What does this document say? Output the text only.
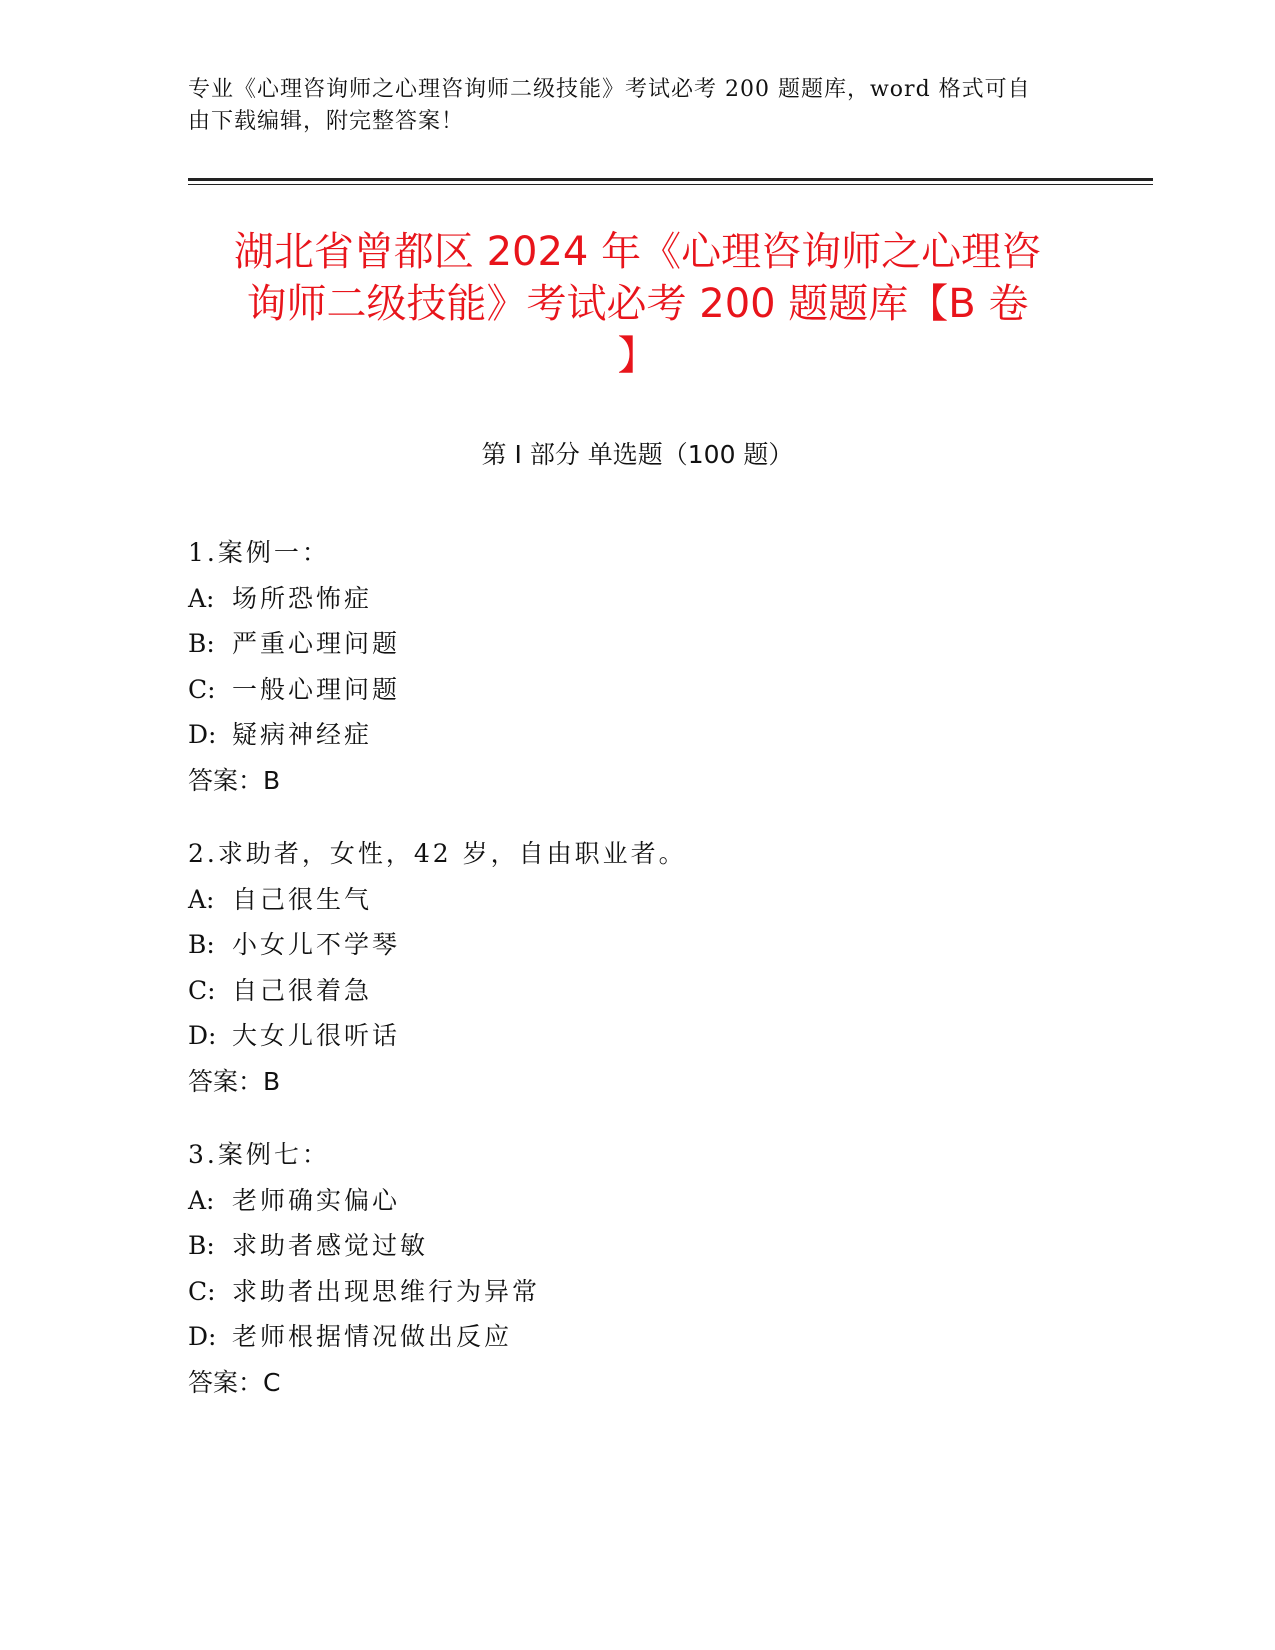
专业《心理咨询师之心理咨询师二级技能》考试必考 200 题题库，word 格式可自
由下载编辑，附完整答案！
湖北省曾都区 2024 年《心理咨询师之心理咨
询师二级技能》考试必考 200 题题库【B 卷
】
第 I 部分 单选题（100 题）
1.案例一：
A: 场所恐怖症
B: 严重心理问题
C: 一般心理问题
D: 疑病神经症
答案：B
2.求助者，女性，42 岁，自由职业者。
A: 自己很生气
B: 小女儿不学琴
C: 自己很着急
D: 大女儿很听话
答案：B
3.案例七：
A: 老师确实偏心
B: 求助者感觉过敏
C: 求助者出现思维行为异常
D: 老师根据情况做出反应
答案：C
